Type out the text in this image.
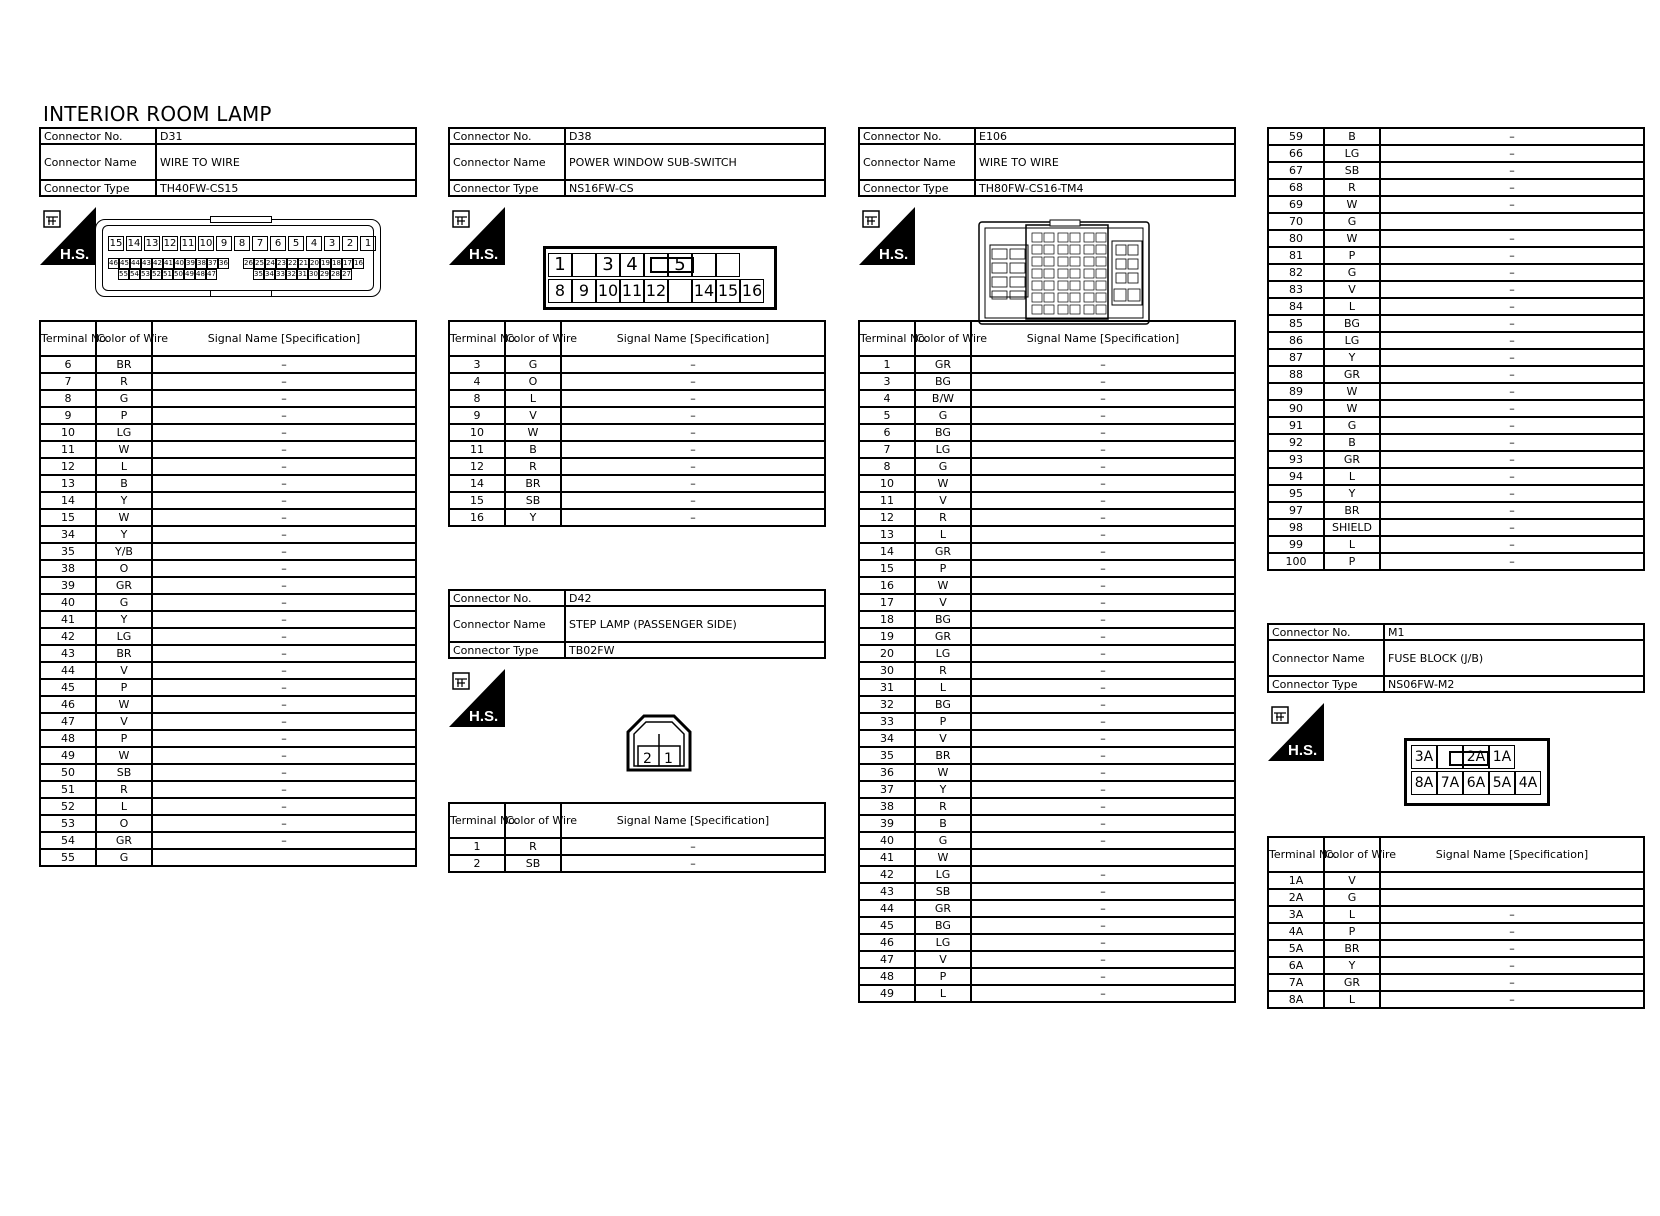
INTERIOR ROOM LAMP
Connector No.	D31
Connector Name	WIRE TO WIRE
Connector Type	TH40FW-CS15
H.S.
15 14 13 12 11 10 9	8	7	6	5	4	3	2	1
46 45 44 43 42 41 40 39 38 37 36 26 25 24 23 22 21 20 19 18 17 16
55 54 53 52 51 50 49 48 47	35 34 33 32 31 30 29 28 27
Terminal No.	Color of Wire	Signal Name [Specification]
6	BR	–
7	R	–
8	G	–
9	P	–
10	LG	–
11	W	–
12	L	–
13	B	–
14	Y	–
15	W	–
34	Y	–
35	Y/B	–
38	O	–
39	GR	–
40	G	–
41	Y	–
42	LG	–
43	BR	–
44	V	–
45	P	–
46	W	–
47	V	–
48	P	–
49	W	–
50	SB	–
51	R	–
52	L	–
53	O	–
54	GR	–
55	G	
Connector No.	D38
Connector Name	POWER WINDOW SUB-SWITCH
Connector Type	NS16FW-CS
H.S.	1	3 4	5
8 9 10 11 12 14 15 16
Terminal No.	Color of Wire	Signal Name [Specification]
3	G	–
4	O	–
8	L	–
9	V	–
10	W	–
11	B	–
12	R	–
14	BR	–
15	SB	–
16	Y	–
Connector No.	D42
Connector Name	STEP LAMP (PASSENGER SIDE)
Connector Type	TB02FW
H.S.
2 1
Terminal No.	Color of Wire	Signal Name [Specification]
1	R	–
2	SB	–
Connector No.	E106
Connector Name	WIRE TO WIRE
Connector Type	TH80FW-CS16-TM4
H.S.
Terminal No.	Color of Wire	Signal Name [Specification]
1	GR	–
3	BG	–
4	B/W	–
5	G	–
6	BG	–
7	LG	–
8	G	–
10	W	–
11	V	–
12	R	–
13	L	–
14	GR	–
15	P	–
16	W	–
17	V	–
18	BG	–
19	GR	–
20	LG	–
30	R	–
31	L	–
32	BG	–
33	P	–
34	V	–
35	BR	–
36	W	–
37	Y	–
38	R	–
39	B	–
40	G	–
41	W	
42	LG	–
43	SB	–
44	GR	–
45	BG	–
46	LG	–
47	V	–
48	P	–
49	L	–
59	B	–
66	LG	–
67	SB	–
68	R	–
69	W	–
70	G	
80	W	–
81	P	–
82	G	–
83	V	–
84	L	–
85	BG	–
86	LG	–
87	Y	–
88	GR	–
89	W	–
90	W	–
91	G	–
92	B	–
93	GR	–
94	L	–
95	Y	–
97	BR	–
98	SHIELD	–
99	L	–
100	P	–
Connector No.	M1
Connector Name	FUSE BLOCK (J/B)
Connector Type	NS06FW-M2
H.S.	3A 2A 1A
8A 7A 6A 5A 4A
Terminal No.	Color of Wire	Signal Name [Specification]
1A	V	
2A	G	
3A	L	–
4A	P	–
5A	BR	–
6A	Y	–
7A	GR	–
8A	L	–
